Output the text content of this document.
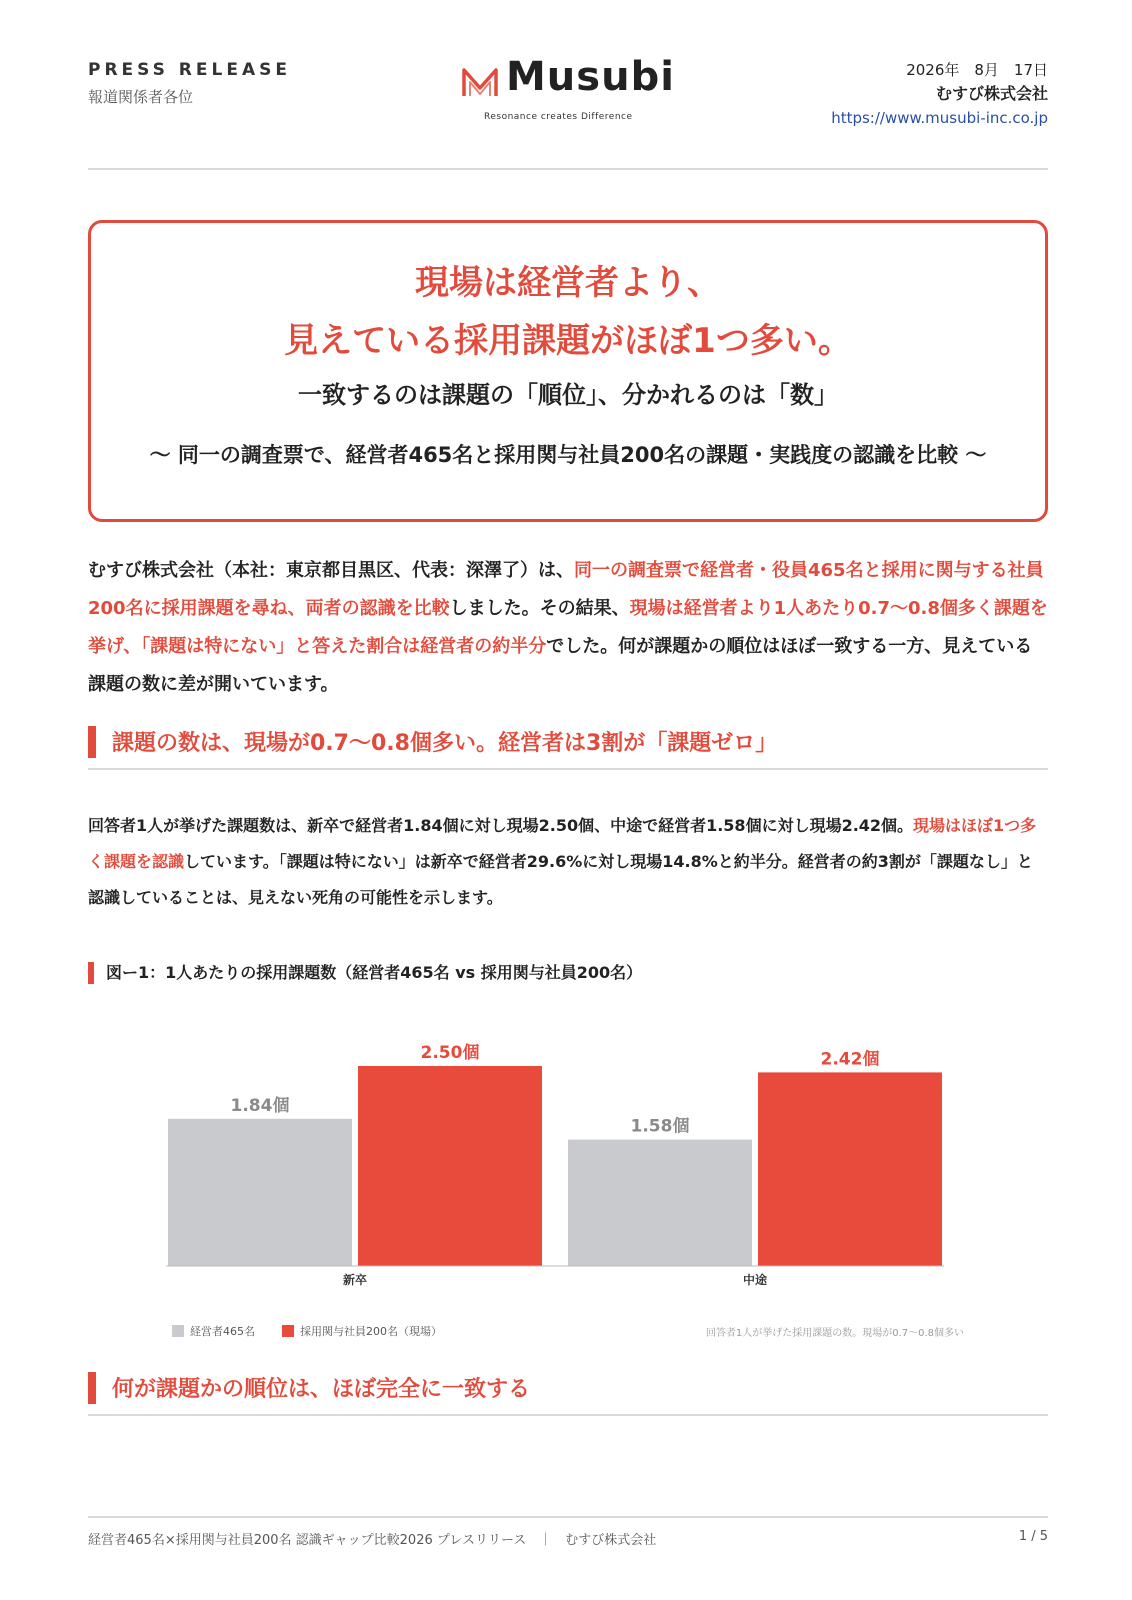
PRESS RELEASE
報道関係者各位	Musubi
Resonance creates Difference
2026年　8月　17日
むすび株式会社
https://www.musubi-inc.co.jp
現場は経営者より、
見えている採用課題がほぼ1つ多い。
一致するのは課題の「順位」、分かれるのは「数」
～ 同一の調査票で、経営者465名と採用関与社員200名の課題・実践度の認識を比較 ～
むすび株式会社（本社：東京都目黒区、代表：深澤了）は、同一の調査票で経営者・役員465名と採用に関与する社員200名に採用課題を尋ね、両者の認識を比較しました。その結果、現場は経営者より1人あたり0.7〜0.8個多く課題を挙げ、「課題は特にない」と答えた割合は経営者の約半分でした。何が課題かの順位はほぼ一致する一方、見えている課題の数に差が開いています。
課題の数は、現場が0.7〜0.8個多い。経営者は3割が「課題ゼロ」
回答者1人が挙げた課題数は、新卒で経営者1.84個に対し現場2.50個、中途で経営者1.58個に対し現場2.42個。現場はほぼ1つ多く課題を認識しています。「課題は特にない」は新卒で経営者29.6%に対し現場14.8%と約半分。経営者の約3割が「課題なし」と認識していることは、見えない死角の可能性を示します。
図ー1：1人あたりの採用課題数（経営者465名 vs 採用関与社員200名）
1.84個
2.50個
新卒
1.58個
2.42個
中途
経営者465名	採用関与社員200名（現場）	回答者1人が挙げた採用課題の数。現場が0.7〜0.8個多い
何が課題かの順位は、ほぼ完全に一致する
経営者465名×採用関与社員200名 認識ギャップ比較2026 プレスリリース　｜　むすび株式会社	1 / 5
